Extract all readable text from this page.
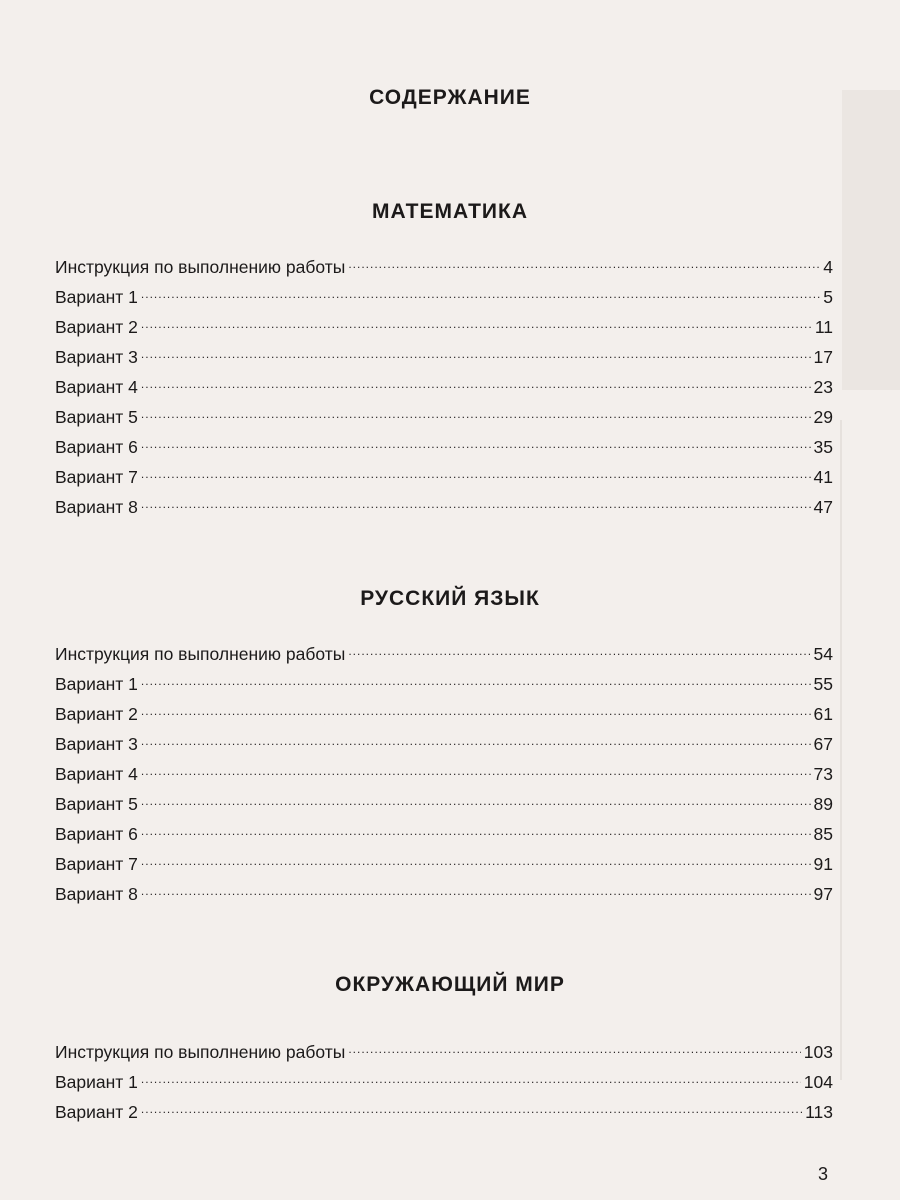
СОДЕРЖАНИЕ
МАТЕМАТИКА
Инструкция по выполнению работы .....	4
Вариант 1 .....	5
Вариант 2 .....	11
Вариант 3 .....	17
Вариант 4 .....	23
Вариант 5 .....	29
Вариант 6 .....	35
Вариант 7 .....	41
Вариант 8 .....	47
РУССКИЙ ЯЗЫК
Инструкция по выполнению работы .....	54
Вариант 1 .....	55
Вариант 2 .....	61
Вариант 3 .....	67
Вариант 4 .....	73
Вариант 5 .....	89
Вариант 6 .....	85
Вариант 7 .....	91
Вариант 8 .....	97
ОКРУЖАЮЩИЙ МИР
Инструкция по выполнению работы .....	103
Вариант 1 .....	104
Вариант 2 .....	113
3
